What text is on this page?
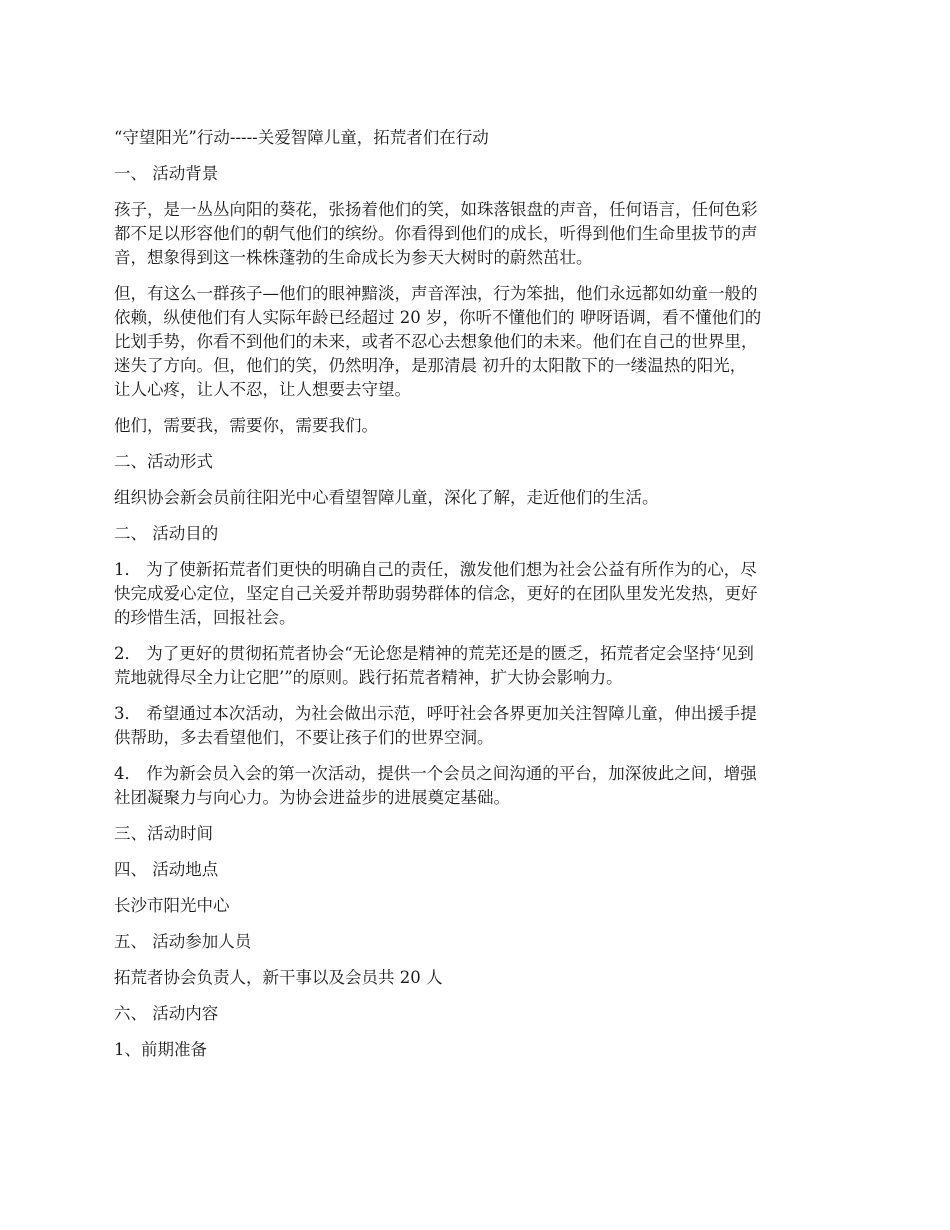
“守望阳光”行动-----关爱智障儿童，拓荒者们在行动
一、 活动背景
孩子，是一丛丛向阳的葵花，张扬着他们的笑，如珠落银盘的声音，任何语言，任何色彩
都不足以形容他们的朝气他们的缤纷。你看得到他们的成长，听得到他们生命里拔节的声
音，想象得到这一株株蓬勃的生命成长为参天大树时的蔚然茁壮。
但，有这么一群孩子—他们的眼神黯淡，声音浑浊，行为笨拙，他们永远都如幼童一般的
依赖，纵使他们有人实际年龄已经超过 20 岁，你听不懂他们的 咿呀语调，看不懂他们的
比划手势，你看不到他们的未来，或者不忍心去想象他们的未来。他们在自己的世界里，
迷失了方向。但，他们的笑，仍然明净，是那清晨 初升的太阳散下的一缕温热的阳光，
让人心疼，让人不忍，让人想要去守望。
他们，需要我，需要你，需要我们。
二、活动形式
组织协会新会员前往阳光中心看望智障儿童，深化了解，走近他们的生活。
二、 活动目的
1． 为了使新拓荒者们更快的明确自己的责任，激发他们想为社会公益有所作为的心，尽
快完成爱心定位，坚定自己关爱并帮助弱势群体的信念，更好的在团队里发光发热，更好
的珍惜生活，回报社会。
2． 为了更好的贯彻拓荒者协会“无论您是精神的荒芜还是的匮乏，拓荒者定会坚持‘见到
荒地就得尽全力让它肥’”的原则。践行拓荒者精神，扩大协会影响力。
3． 希望通过本次活动，为社会做出示范，呼吁社会各界更加关注智障儿童，伸出援手提
供帮助，多去看望他们，不要让孩子们的世界空洞。
4． 作为新会员入会的第一次活动，提供一个会员之间沟通的平台，加深彼此之间，增强
社团凝聚力与向心力。为协会进益步的进展奠定基础。
三、活动时间
四、 活动地点
长沙市阳光中心
五、 活动参加人员
拓荒者协会负责人，新干事以及会员共 20 人
六、 活动内容
1、前期准备
